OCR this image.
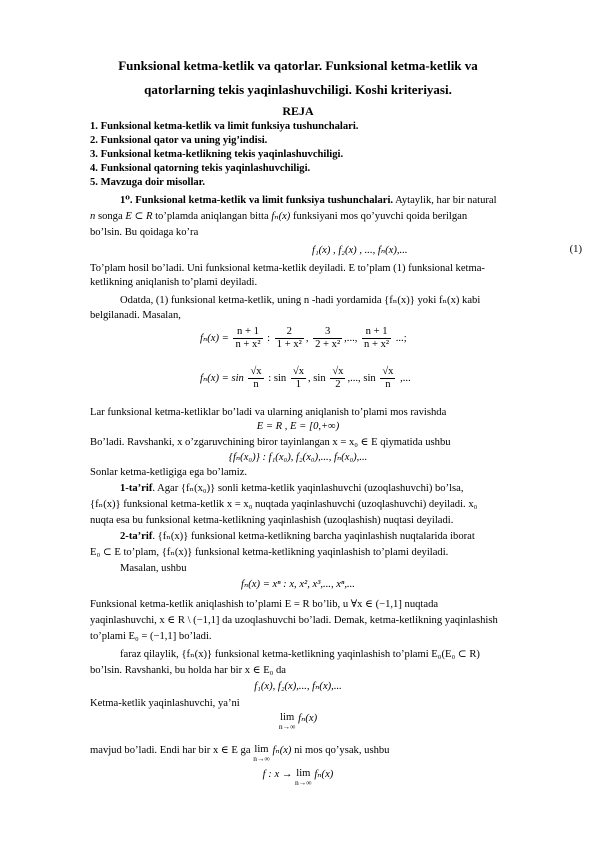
Funksional ketma-ketlik va qatorlar. Funksional ketma-ketlik va
qatorlarning tekis yaqinlashuvchiligi. Koshi kriteriyasi.
REJA
1. Funksional ketma-ketlik va limit funksiya tushunchalari.
2. Funksional qator va uning yig’indisi.
3. Funksional ketma-ketlikning tekis yaqinlashuvchiligi.
4. Funksional qatorning tekis yaqinlashuvchiligi.
5. Mavzuga doir misollar.
1⁰. Funksional ketma-ketlik va limit funksiya tushunchalari. Aytaylik, har bir natural
n songa E ⊂ R to’plamda aniqlangan bitta fₙ(x) funksiyani mos qo’yuvchi qoida berilgan
bo’lsin. Bu qoidaga ko’ra
f₁(x) , f₂(x) , ..., fₙ(x),...	(1)
To’plam hosil bo’ladi. Uni funksional ketma-ketlik deyiladi. E to’plam (1) funksional ketma-
ketlikning aniqlanish to’plami deyiladi.
Odatda, (1) funksional ketma-ketlik, uning n -hadi yordamida {fₙ(x)} yoki fₙ(x) kabi
belgilanadi. Masalan,
$f_n(x) = \frac{n + 1}{\text{n + x²}}$ : $\frac{2}{\text{1 + x²}}$ , $\frac{3}{\text{2 + x²}}$ ,..., $\frac{n + 1}{\text{n + x²}}$ ...;
$f_n(x) = \sin \frac{√x}{n}$ : $\sin \frac{√x}{1}$ , $\sin \frac{√x}{2}$ ,..., $\sin \frac{√x}{n}$ ,...
Lar funksional ketma-ketliklar bo’ladi va ularning aniqlanish to’plami mos ravishda
E = R , E = [0,+∞)
Bo’ladi. Ravshanki, x o’zgaruvchining biror tayinlangan x = x₀ ∈ E qiymatida ushbu
{fₙ(x₀)} : f₁(x₀), f₂(x₀),..., fₙ(x₀),...
Sonlar ketma-ketligiga ega bo’lamiz.
1-ta’rif. Agar {fₙ(x₀)} sonli ketma-ketlik yaqinlashuvchi (uzoqlashuvchi) bo’lsa,
{fₙ(x)} funksional ketma-ketlik x = x₀ nuqtada yaqinlashuvchi (uzoqlashuvchi) deyiladi. x₀
nuqta esa bu funksional ketma-ketlikning yaqinlashish (uzoqlashish) nuqtasi deyiladi.
2-ta’rif. {fₙ(x)} funksional ketma-ketlikning barcha yaqinlashish nuqtalarida iborat
E₀ ⊂ E to’plam, {fₙ(x)} funksional ketma-ketlikning yaqinlashish to’plami deyiladi.
Masalan, ushbu
fₙ(x) = xⁿ : x, x², x³,..., xⁿ,...
Funksional ketma-ketlik aniqlashish to’plami E = R bo’lib, u ∀x ∈ (−1,1] nuqtada
yaqinlashuvchi, x ∈ R \ (−1,1] da uzoqlashuvchi bo’ladi. Demak, ketma-ketlikning yaqinlashish
to’plami E₀ = (−1,1] bo’ladi.
faraz qilaylik, {fₙ(x)} funksional ketma-ketlikning yaqinlashish to’plami E₀(E₀ ⊂ R)
bo’lsin. Ravshanki, bu holda har bir x ∈ E₀ da
f₁(x), f₂(x),..., fₙ(x),...
Ketma-ketlik yaqinlashuvchi, ya’ni
lim
n→∞
fₙ(x)
mavjud bo’ladi. Endi har bir x ∈ E ga lim
n→∞
fₙ(x) ni mos qo’ysak, ushbu
f : x → lim
n→∞
fₙ(x)
